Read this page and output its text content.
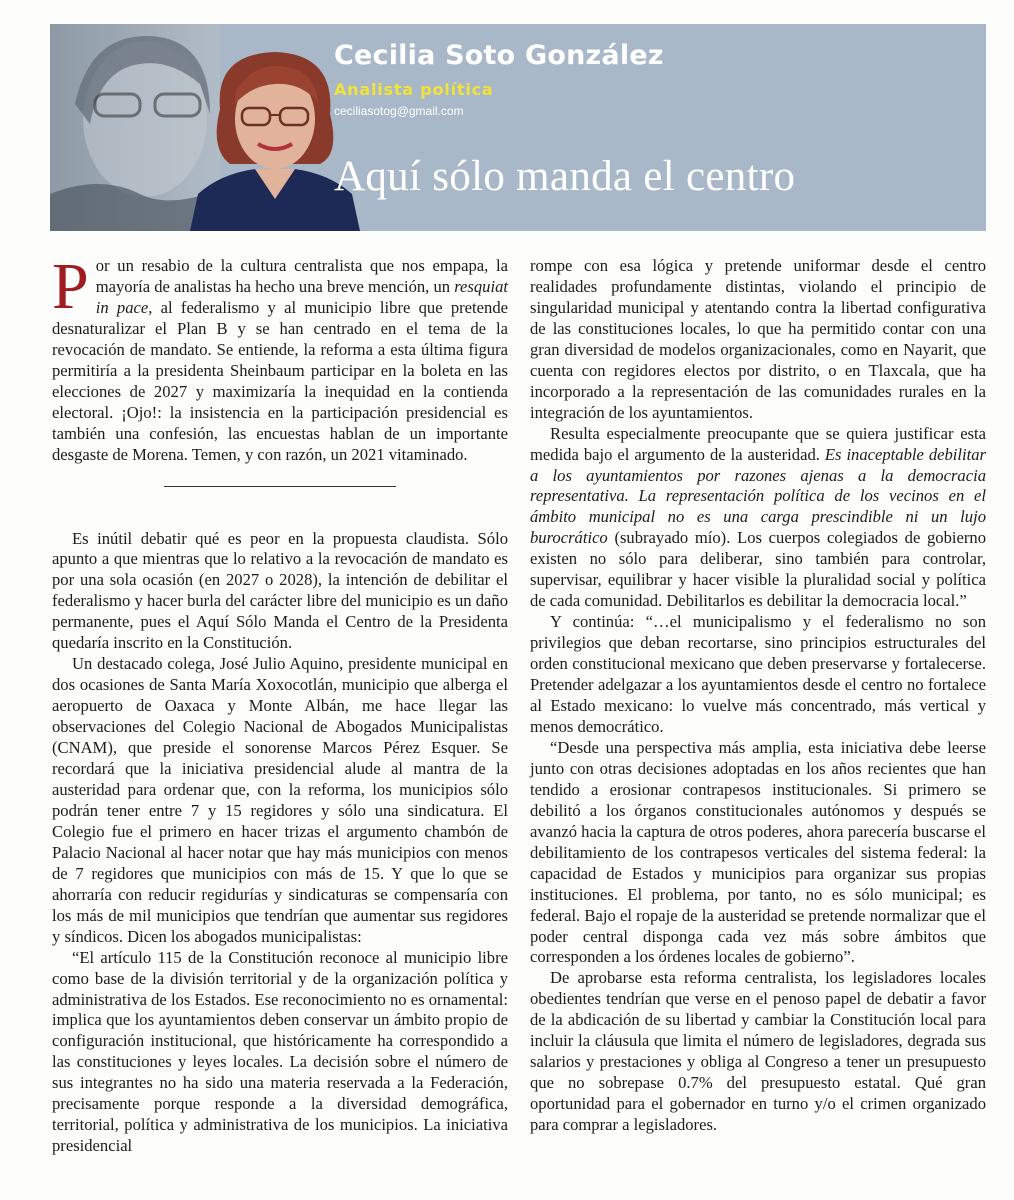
Cecilia Soto González
Analista política
ceciliasotog@gmail.com
Aquí sólo manda el centro

Por un resabio de la cultura centralista que nos empapa, la mayoría de analistas ha hecho una breve mención, un resquiat in pace, al federalismo y al municipio libre que pretende desnaturalizar el Plan B y se han centrado en el tema de la revocación de mandato. Se entiende, la reforma a esta última figura permitiría a la presidenta Sheinbaum participar en la boleta en las elecciones de 2027 y maximizaría la inequidad en la contienda electoral. ¡Ojo!: la insistencia en la participación presidencial es también una confesión, las encuestas hablan de un importante desgaste de Morena. Temen, y con razón, un 2021 vitaminado.

Es inútil debatir qué es peor en la propuesta claudista. Sólo apunto a que mientras que lo relativo a la revocación de mandato es por una sola ocasión (en 2027 o 2028), la intención de debilitar el federalismo y hacer burla del carácter libre del municipio es un daño permanente, pues el Aquí Sólo Manda el Centro de la Presidenta quedaría inscrito en la Constitución.

Un destacado colega, José Julio Aquino, presidente municipal en dos ocasiones de Santa María Xoxocotlán, municipio que alberga el aeropuerto de Oaxaca y Monte Albán, me hace llegar las observaciones del Colegio Nacional de Abogados Municipalistas (CNAM), que preside el sonorense Marcos Pérez Esquer. Se recordará que la iniciativa presidencial alude al mantra de la austeridad para ordenar que, con la reforma, los municipios sólo podrán tener entre 7 y 15 regidores y sólo una sindicatura. El Colegio fue el primero en hacer trizas el argumento chambón de Palacio Nacional al hacer notar que hay más municipios con menos de 7 regidores que municipios con más de 15. Y que lo que se ahorraría con reducir regidurías y sindicaturas se compensaría con los más de mil municipios que tendrían que aumentar sus regidores y síndicos. Dicen los abogados municipalistas:

“El artículo 115 de la Constitución reconoce al municipio libre como base de la división territorial y de la organización política y administrativa de los Estados. Ese reconocimiento no es ornamental: implica que los ayuntamientos deben conservar un ámbito propio de configuración institucional, que históricamente ha correspondido a las constituciones y leyes locales. La decisión sobre el número de sus integrantes no ha sido una materia reservada a la Federación, precisamente porque responde a la diversidad demográfica, territorial, política y administrativa de los municipios. La iniciativa presidencial

rompe con esa lógica y pretende uniformar desde el centro realidades profundamente distintas, violando el principio de singularidad municipal y atentando contra la libertad configurativa de las constituciones locales, lo que ha permitido contar con una gran diversidad de modelos organizacionales, como en Nayarit, que cuenta con regidores electos por distrito, o en Tlaxcala, que ha incorporado a la representación de las comunidades rurales en la integración de los ayuntamientos.

Resulta especialmente preocupante que se quiera justificar esta medida bajo el argumento de la austeridad. Es inaceptable debilitar a los ayuntamientos por razones ajenas a la democracia representativa. La representación política de los vecinos en el ámbito municipal no es una carga prescindible ni un lujo burocrático (subrayado mío). Los cuerpos colegiados de gobierno existen no sólo para deliberar, sino también para controlar, supervisar, equilibrar y hacer visible la pluralidad social y política de cada comunidad. Debilitarlos es debilitar la democracia local.”

Y continúa: “…el municipalismo y el federalismo no son privilegios que deban recortarse, sino principios estructurales del orden constitucional mexicano que deben preservarse y fortalecerse. Pretender adelgazar a los ayuntamientos desde el centro no fortalece al Estado mexicano: lo vuelve más concentrado, más vertical y menos democrático.

“Desde una perspectiva más amplia, esta iniciativa debe leerse junto con otras decisiones adoptadas en los años recientes que han tendido a erosionar contrapesos institucionales. Si primero se debilitó a los órganos constitucionales autónomos y después se avanzó hacia la captura de otros poderes, ahora parecería buscarse el debilitamiento de los contrapesos verticales del sistema federal: la capacidad de Estados y municipios para organizar sus propias instituciones. El problema, por tanto, no es sólo municipal; es federal. Bajo el ropaje de la austeridad se pretende normalizar que el poder central disponga cada vez más sobre ámbitos que corresponden a los órdenes locales de gobierno”.

De aprobarse esta reforma centralista, los legisladores locales obedientes tendrían que verse en el penoso papel de debatir a favor de la abdicación de su libertad y cambiar la Constitución local para incluir la cláusula que limita el número de legisladores, degrada sus salarios y prestaciones y obliga al Congreso a tener un presupuesto que no sobrepase 0.7% del presupuesto estatal. Qué gran oportunidad para el gobernador en turno y/o el crimen organizado para comprar a legisladores.
